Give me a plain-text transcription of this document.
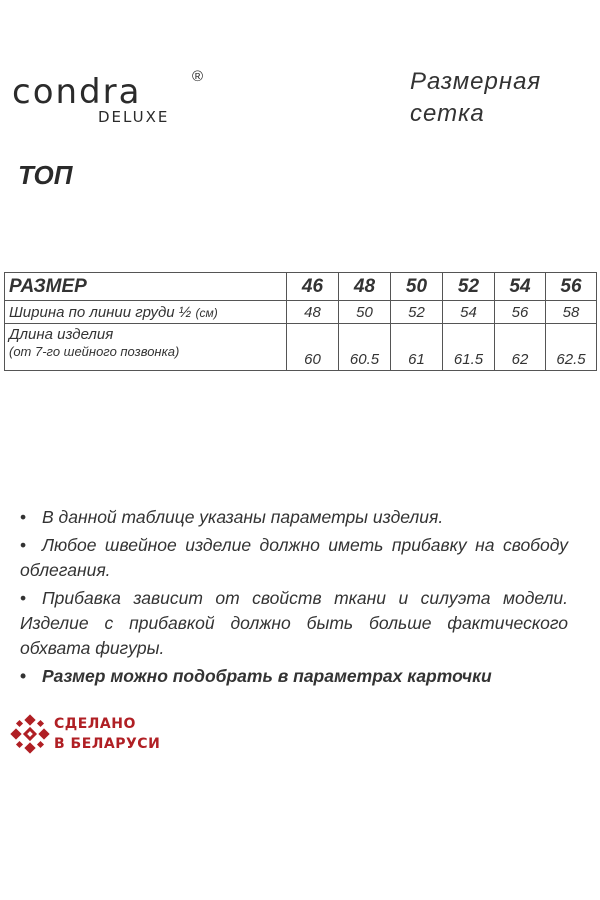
condra	®
DELUXE
Размерная
сетка
ТОП
РАЗМЕР	46	48	50	52	54	56
Ширина по линии груди ½ (см)	48	50	52	54	56	58
Длина изделия
(от 7-го шейного позвонка)	60	60.5	61	61.5	62	62.5

• В данной таблице указаны параметры изделия.

• Любое швейное изделие должно иметь прибавку на свободу облегания.

• Прибавка зависит от свойств ткани и силуэта модели. Изделие с прибавкой должно быть больше фактического обхвата фигуры.

• Размер можно подобрать в параметрах карточки

СДЕЛАНО
В БЕЛАРУСИ
